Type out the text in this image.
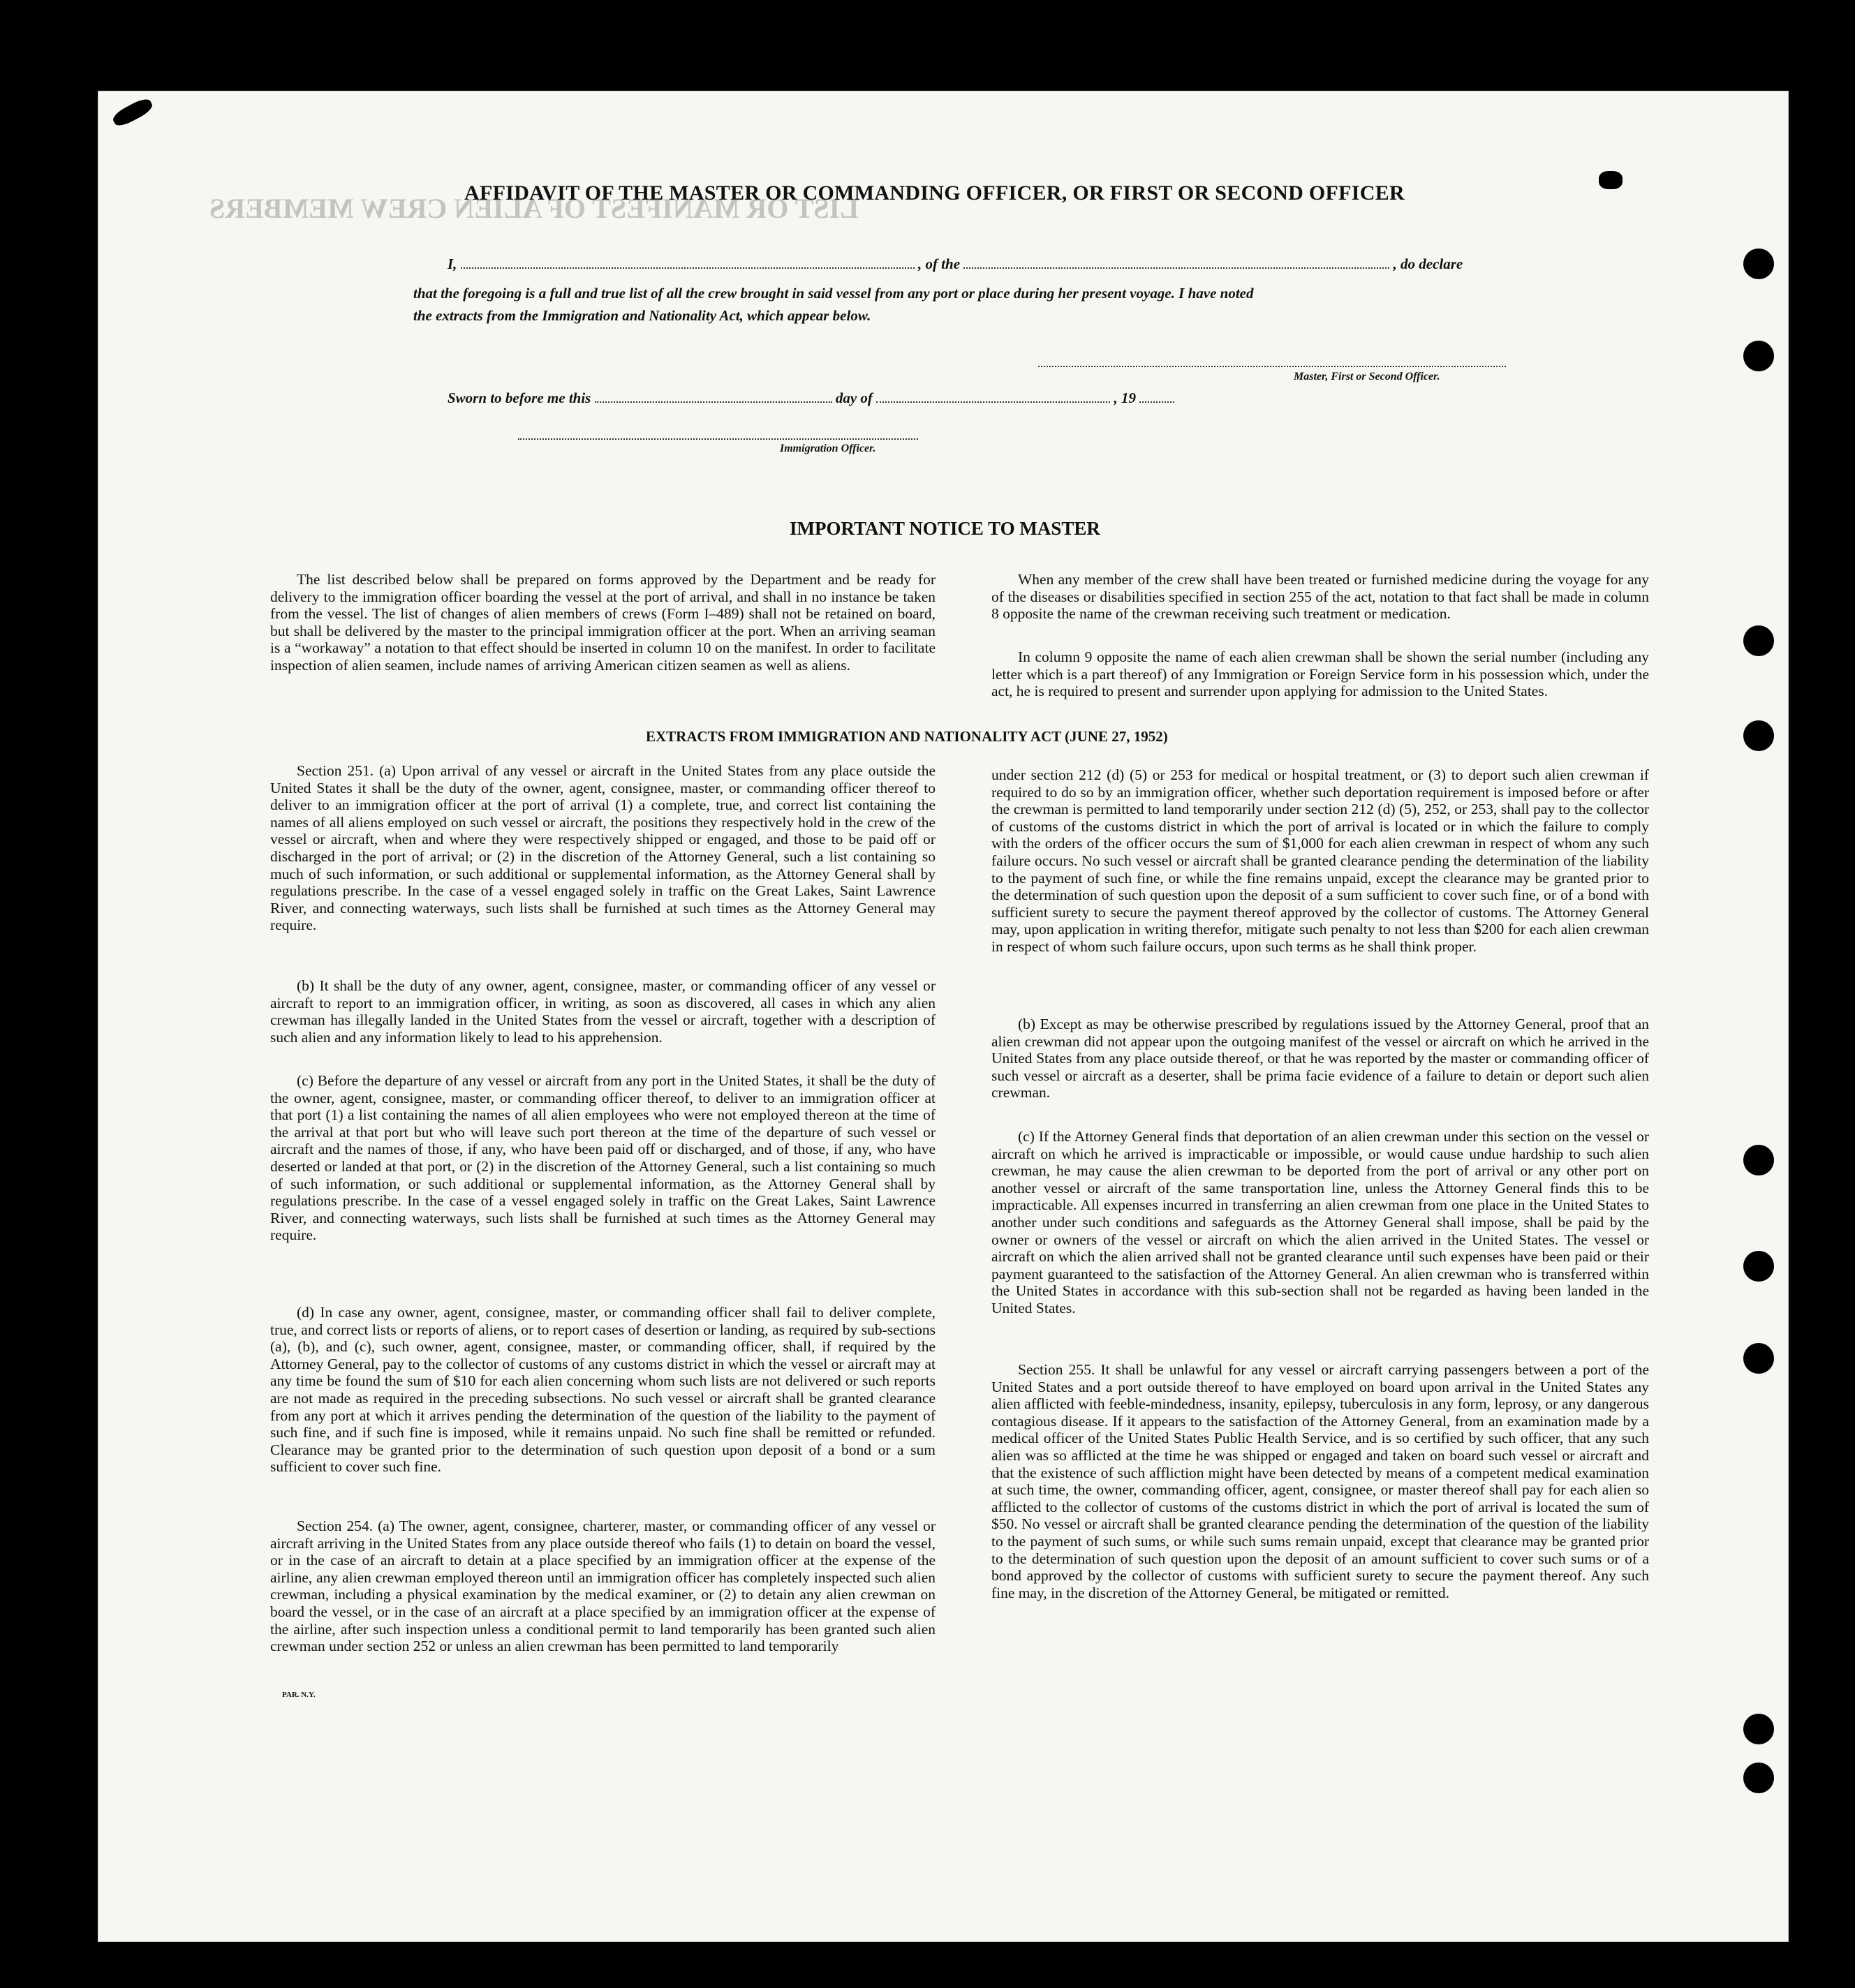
LIST OR MANIFEST OF ALIEN CREW MEMBERS
AFFIDAVIT OF THE MASTER OR COMMANDING OFFICER, OR FIRST OR SECOND OFFICER
I,	, of the	, do declare
that the foregoing is a full and true list of all the crew brought in said vessel from any port or place during her present voyage. I have noted
the extracts from the Immigration and Nationality Act, which appear below.
Master, First or Second Officer.
Sworn to before me this	day of	, 19
Immigration Officer.
IMPORTANT NOTICE TO MASTER
The list described below shall be prepared on forms approved by the Department and be ready for delivery to the immigration officer boarding the vessel at the port of arrival, and shall in no instance be taken from the vessel. The list of changes of alien members of crews (Form I–489) shall not be retained on board, but shall be delivered by the master to the principal immigration officer at the port. When an arriving seaman is a “workaway” a notation to that effect should be inserted in column 10 on the manifest. In order to facilitate inspection of alien seamen, include names of arriving American citizen seamen as well as aliens.
When any member of the crew shall have been treated or furnished medicine during the voyage for any of the diseases or disabilities specified in section 255 of the act, notation to that fact shall be made in column 8 opposite the name of the crewman receiving such treatment or medication.
In column 9 opposite the name of each alien crewman shall be shown the serial number (including any letter which is a part thereof) of any Immigration or Foreign Service form in his possession which, under the act, he is required to present and surrender upon applying for admission to the United States.
EXTRACTS FROM IMMIGRATION AND NATIONALITY ACT (JUNE 27, 1952)
Section 251. (a) Upon arrival of any vessel or aircraft in the United States from any place outside the United States it shall be the duty of the owner, agent, consignee, master, or commanding officer thereof to deliver to an immigration officer at the port of arrival (1) a complete, true, and correct list containing the names of all aliens employed on such vessel or aircraft, the positions they respectively hold in the crew of the vessel or aircraft, when and where they were respectively shipped or engaged, and those to be paid off or discharged in the port of arrival; or (2) in the discretion of the Attorney General, such a list containing so much of such information, or such additional or supplemental information, as the Attorney General shall by regulations prescribe. In the case of a vessel engaged solely in traffic on the Great Lakes, Saint Lawrence River, and connecting waterways, such lists shall be furnished at such times as the Attorney General may require.
(b) It shall be the duty of any owner, agent, consignee, master, or commanding officer of any vessel or aircraft to report to an immigration officer, in writing, as soon as discovered, all cases in which any alien crewman has illegally landed in the United States from the vessel or aircraft, together with a description of such alien and any information likely to lead to his apprehension.
(c) Before the departure of any vessel or aircraft from any port in the United States, it shall be the duty of the owner, agent, consignee, master, or commanding officer thereof, to deliver to an immigration officer at that port (1) a list containing the names of all alien employees who were not employed thereon at the time of the arrival at that port but who will leave such port thereon at the time of the departure of such vessel or aircraft and the names of those, if any, who have been paid off or discharged, and of those, if any, who have deserted or landed at that port, or (2) in the discretion of the Attorney General, such a list containing so much of such information, or such additional or supplemental information, as the Attorney General shall by regulations prescribe. In the case of a vessel engaged solely in traffic on the Great Lakes, Saint Lawrence River, and connecting waterways, such lists shall be furnished at such times as the Attorney General may require.
(d) In case any owner, agent, consignee, master, or commanding officer shall fail to deliver complete, true, and correct lists or reports of aliens, or to report cases of desertion or landing, as required by sub-sections (a), (b), and (c), such owner, agent, consignee, master, or commanding officer, shall, if required by the Attorney General, pay to the collector of customs of any customs district in which the vessel or aircraft may at any time be found the sum of $10 for each alien concerning whom such lists are not delivered or such reports are not made as required in the preceding subsections. No such vessel or aircraft shall be granted clearance from any port at which it arrives pending the determination of the question of the liability to the payment of such fine, and if such fine is imposed, while it remains unpaid. No such fine shall be remitted or refunded. Clearance may be granted prior to the determination of such question upon deposit of a bond or a sum sufficient to cover such fine.
Section 254. (a) The owner, agent, consignee, charterer, master, or commanding officer of any vessel or aircraft arriving in the United States from any place outside thereof who fails (1) to detain on board the vessel, or in the case of an aircraft to detain at a place specified by an immigration officer at the expense of the airline, any alien crewman employed thereon until an immigration officer has completely inspected such alien crewman, including a physical examination by the medical examiner, or (2) to detain any alien crewman on board the vessel, or in the case of an aircraft at a place specified by an immigration officer at the expense of the airline, after such inspection unless a conditional permit to land temporarily has been granted such alien crewman under section 252 or unless an alien crewman has been permitted to land temporarily
under section 212 (d) (5) or 253 for medical or hospital treatment, or (3) to deport such alien crewman if required to do so by an immigration officer, whether such deportation requirement is imposed before or after the crewman is permitted to land temporarily under section 212 (d) (5), 252, or 253, shall pay to the collector of customs of the customs district in which the port of arrival is located or in which the failure to comply with the orders of the officer occurs the sum of $1,000 for each alien crewman in respect of whom any such failure occurs. No such vessel or aircraft shall be granted clearance pending the determination of the liability to the payment of such fine, or while the fine remains unpaid, except the clearance may be granted prior to the determination of such question upon the deposit of a sum sufficient to cover such fine, or of a bond with sufficient surety to secure the payment thereof approved by the collector of customs. The Attorney General may, upon application in writing therefor, mitigate such penalty to not less than $200 for each alien crewman in respect of whom such failure occurs, upon such terms as he shall think proper.
(b) Except as may be otherwise prescribed by regulations issued by the Attorney General, proof that an alien crewman did not appear upon the outgoing manifest of the vessel or aircraft on which he arrived in the United States from any place outside thereof, or that he was reported by the master or commanding officer of such vessel or aircraft as a deserter, shall be prima facie evidence of a failure to detain or deport such alien crewman.
(c) If the Attorney General finds that deportation of an alien crewman under this section on the vessel or aircraft on which he arrived is impracticable or impossible, or would cause undue hardship to such alien crewman, he may cause the alien crewman to be deported from the port of arrival or any other port on another vessel or aircraft of the same transportation line, unless the Attorney General finds this to be impracticable. All expenses incurred in transferring an alien crewman from one place in the United States to another under such conditions and safeguards as the Attorney General shall impose, shall be paid by the owner or owners of the vessel or aircraft on which the alien arrived in the United States. The vessel or aircraft on which the alien arrived shall not be granted clearance until such expenses have been paid or their payment guaranteed to the satisfaction of the Attorney General. An alien crewman who is transferred within the United States in accordance with this sub-section shall not be regarded as having been landed in the United States.
Section 255. It shall be unlawful for any vessel or aircraft carrying passengers between a port of the United States and a port outside thereof to have employed on board upon arrival in the United States any alien afflicted with feeble-mindedness, insanity, epilepsy, tuberculosis in any form, leprosy, or any dangerous contagious disease. If it appears to the satisfaction of the Attorney General, from an examination made by a medical officer of the United States Public Health Service, and is so certified by such officer, that any such alien was so afflicted at the time he was shipped or engaged and taken on board such vessel or aircraft and that the existence of such affliction might have been detected by means of a competent medical examination at such time, the owner, commanding officer, agent, consignee, or master thereof shall pay for each alien so afflicted to the collector of customs of the customs district in which the port of arrival is located the sum of $50. No vessel or aircraft shall be granted clearance pending the determination of the question of the liability to the payment of such sums, or while such sums remain unpaid, except that clearance may be granted prior to the determination of such question upon the deposit of an amount sufficient to cover such sums or of a bond approved by the collector of customs with sufficient surety to secure the payment thereof. Any such fine may, in the discretion of the Attorney General, be mitigated or remitted.
PAR. N.Y.
